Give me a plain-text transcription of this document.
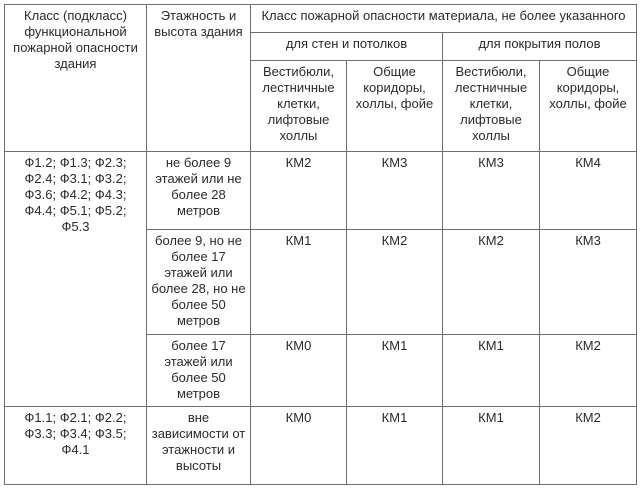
Класс (подкласс) функциональной пожарной опасности здания	Этажность и высота здания	Класс пожарной опасности материала, не более указанного			
		для стен и потолков		для покрытия полов	
		Вестибюли, лестничные клетки, лифтовые холлы	Общие коридоры, холлы, фойе	Вестибюли, лестничные клетки, лифтовые холлы	Общие коридоры, холлы, фойе
Ф1.2; Ф1.3; Ф2.3; Ф2.4; Ф3.1; Ф3.2; Ф3.6; Ф4.2; Ф4.3; Ф4.4; Ф5.1; Ф5.2; Ф5.3	не более 9 этажей или не более 28 метров	КМ2	КМ3	КМ3	КМ4
	более 9, но не более 17 этажей или более 28, но не более 50 метров	КМ1	КМ2	КМ2	КМ3
	более 17 этажей или более 50 метров	КМ0	КМ1	КМ1	КМ2
Ф1.1; Ф2.1; Ф2.2; Ф3.3; Ф3.4; Ф3.5; Ф4.1	вне зависимости от этажности и высоты	КМ0	КМ1	КМ1	КМ2
